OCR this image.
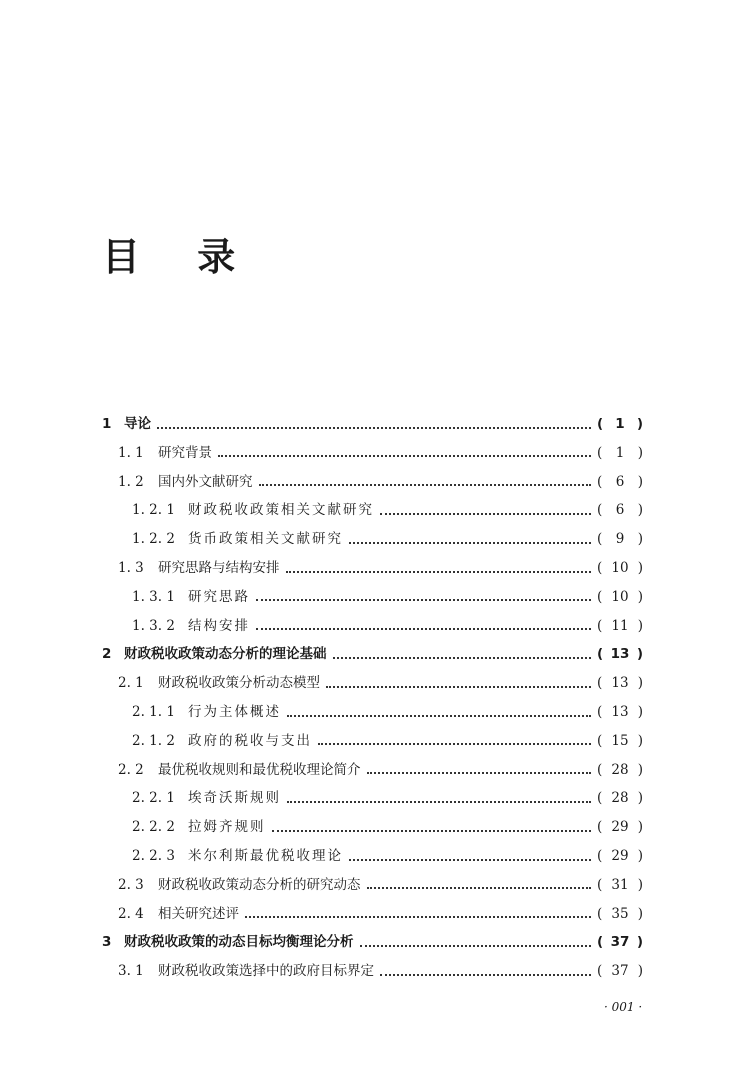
目 录
1 导论	( 1 )
1. 1	研究背景	( 1 )
1. 2	国内外文献研究	( 6 )
1. 2. 1 财政税收政策相关文献研究	( 6 )
1. 2. 2 货币政策相关文献研究	( 9 )
1. 3	研究思路与结构安排	( 10 )
1. 3. 1 研究思路	( 10 )
1. 3. 2 结构安排	( 11 )
2 财政税收政策动态分析的理论基础	( 13 )
2. 1	财政税收政策分析动态模型	( 13 )
2. 1. 1 行为主体概述	( 13 )
2. 1. 2 政府的税收与支出	( 15 )
2. 2	最优税收规则和最优税收理论简介	( 28 )
2. 2. 1 埃奇沃斯规则	( 28 )
2. 2. 2 拉姆齐规则	( 29 )
2. 2. 3 米尔利斯最优税收理论	( 29 )
2. 3	财政税收政策动态分析的研究动态	( 31 )
2. 4	相关研究述评	( 35 )
3 财政税收政策的动态目标均衡理论分析	( 37 )
3. 1	财政税收政策选择中的政府目标界定	( 37 )
· 001 ·
